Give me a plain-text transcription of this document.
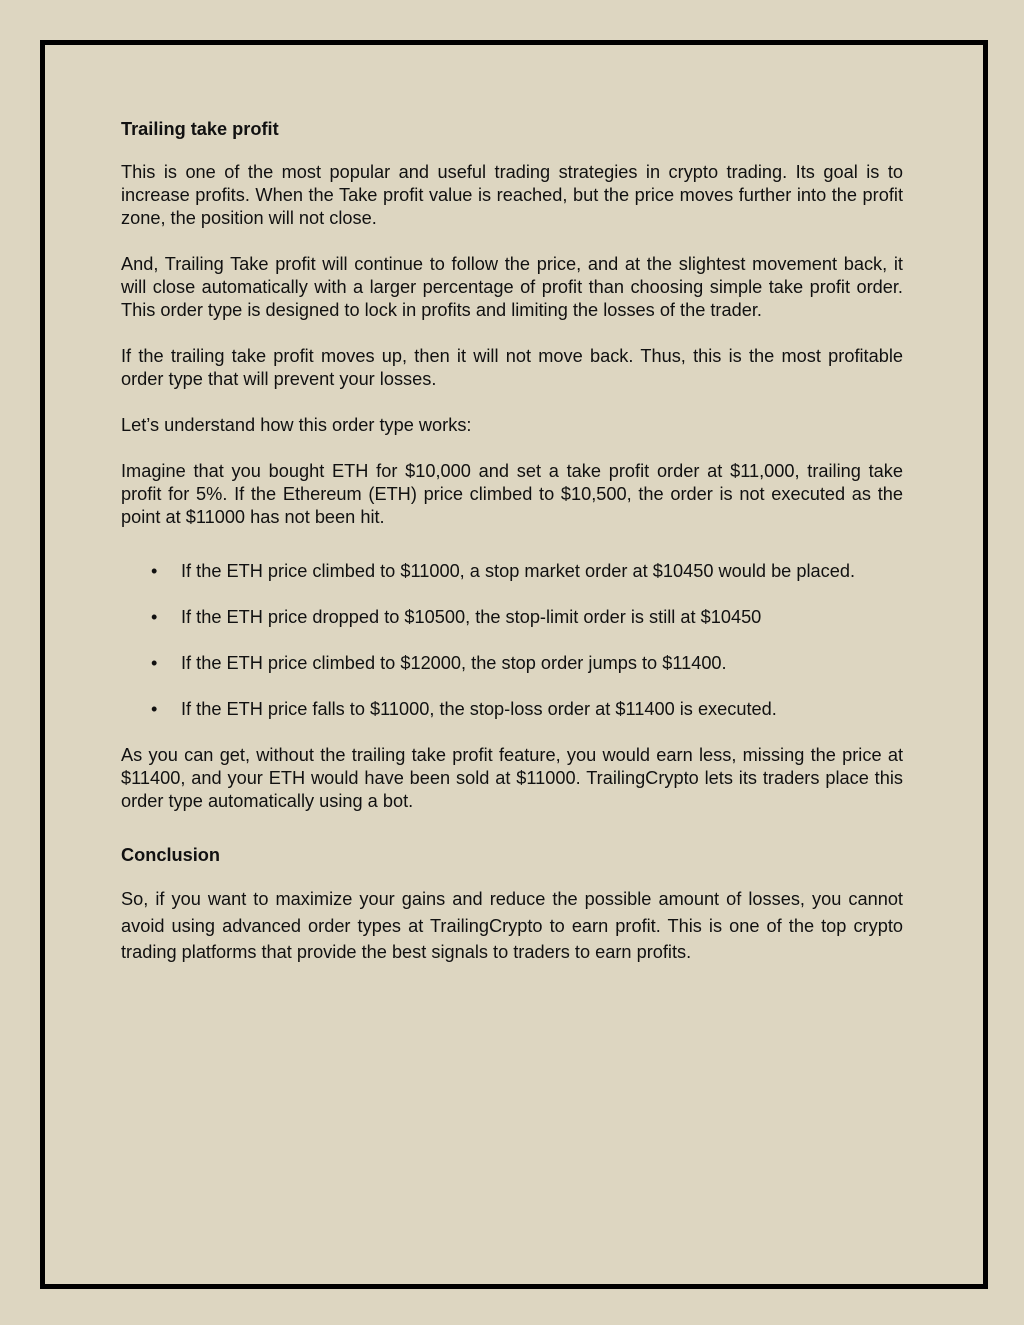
Trailing take profit

This is one of the most popular and useful trading strategies in crypto trading. Its goal is to increase profits. When the Take profit value is reached, but the price moves further into the profit zone, the position will not close.

And, Trailing Take profit will continue to follow the price, and at the slightest movement back, it will close automatically with a larger percentage of profit than choosing simple take profit order. This order type is designed to lock in profits and limiting the losses of the trader.

If the trailing take profit moves up, then it will not move back. Thus, this is the most profitable order type that will prevent your losses.

Let’s understand how this order type works:

Imagine that you bought ETH for $10,000 and set a take profit order at $11,000, trailing take profit for 5%. If the Ethereum (ETH) price climbed to $10,500, the order is not executed as the point at $11000 has not been hit.

• If the ETH price climbed to $11000, a stop market order at $10450 would be placed.
• If the ETH price dropped to $10500, the stop-limit order is still at $10450
• If the ETH price climbed to $12000, the stop order jumps to $11400.
• If the ETH price falls to $11000, the stop-loss order at $11400 is executed.

As you can get, without the trailing take profit feature, you would earn less, missing the price at $11400, and your ETH would have been sold at $11000. TrailingCrypto lets its traders place this order type automatically using a bot.

Conclusion

So, if you want to maximize your gains and reduce the possible amount of losses, you cannot avoid using advanced order types at TrailingCrypto to earn profit. This is one of the top crypto trading platforms that provide the best signals to traders to earn profits.
